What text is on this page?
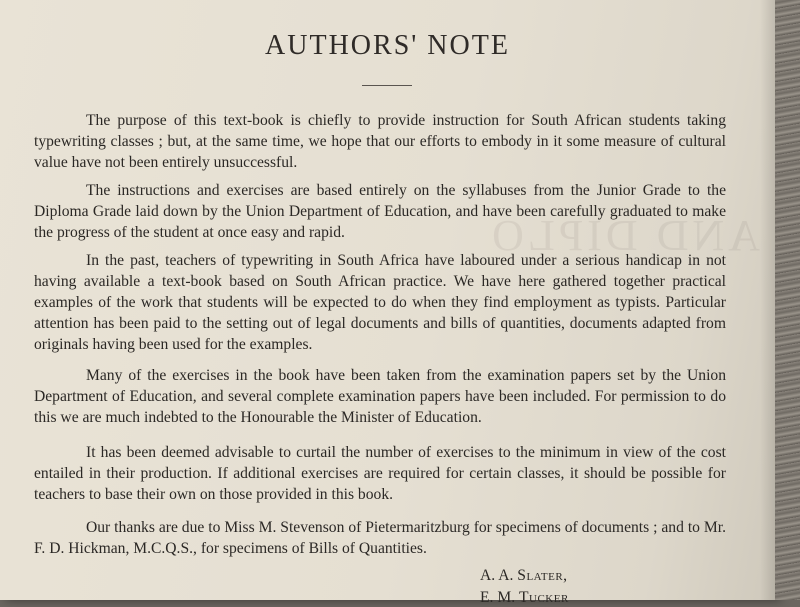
AND DIPLO
AUTHORS' NOTE

The purpose of this text-book is chiefly to provide instruction for South African students taking typewriting classes ; but, at the same time, we hope that our efforts to embody in it some measure of cultural value have not been entirely unsuccessful.

The instructions and exercises are based entirely on the syllabuses from the Junior Grade to the Diploma Grade laid down by the Union Department of Education, and have been carefully graduated to make the progress of the student at once easy and rapid.

In the past, teachers of typewriting in South Africa have laboured under a serious handicap in not having available a text-book based on South African practice. We have here gathered together practical examples of the work that students will be expected to do when they find employment as typists. Particular attention has been paid to the setting out of legal documents and bills of quantities, documents adapted from originals having been used for the examples.

Many of the exercises in the book have been taken from the examination papers set by the Union Department of Education, and several complete examination papers have been included. For permission to do this we are much indebted to the Honourable the Minister of Education.

It has been deemed advisable to curtail the number of exercises to the minimum in view of the cost entailed in their production. If additional exercises are required for certain classes, it should be possible for teachers to base their own on those provided in this book.

Our thanks are due to Miss M. Stevenson of Pietermaritzburg for specimens of documents ; and to Mr. F. D. Hickman, M.C.Q.S., for specimens of Bills of Quantities.

A. A. Slater,

E. M. Tucker
